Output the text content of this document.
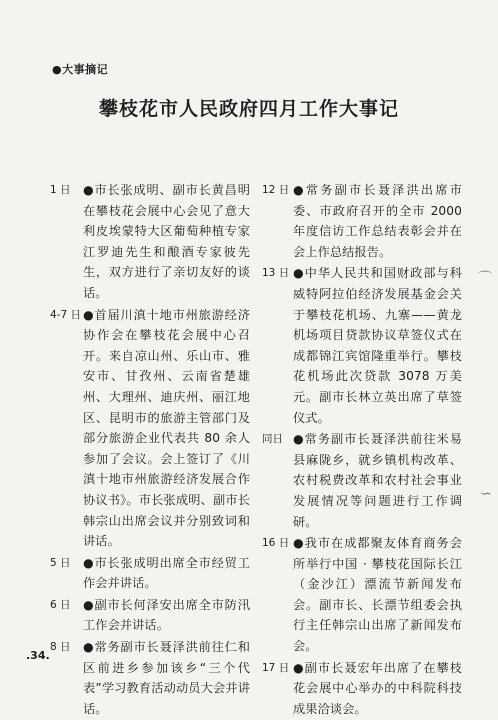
●大事摘记
攀枝花市人民政府四月工作大事记
1 日	●市长张成明、副市长黄昌明在攀枝花会展中心会见了意大利皮埃蒙特大区葡萄种植专家江罗迪先生和酿酒专家彼先生，双方进行了亲切友好的谈话。
4-7 日 ●首届川滇十地市州旅游经济协作会在攀枝花会展中心召开。来自凉山州、乐山市、雅安市、甘孜州、云南省楚雄州、大理州、迪庆州、丽江地区、昆明市的旅游主管部门及部分旅游企业代表共 80 余人参加了会议。会上签订了《川滇十地市州旅游经济发展合作协议书》。市长张成明、副市长韩宗山出席会议并分别致词和讲话。
5 日	●市长张成明出席全市经贸工作会并讲话。
6 日	●副市长何泽安出席全市防汛工作会并讲话。
8 日	●常务副市长聂泽洪前往仁和区前进乡参加该乡“三个代表”学习教育活动动员大会并讲话。
12 日 ●常务副市长聂泽洪出席市委、市政府召开的全市 2000 年度信访工作总结表彰会并在会上作总结报告。
13 日 ●中华人民共和国财政部与科威特阿拉伯经济发展基金会关于攀枝花机场、九寨——黄龙机场项目贷款协议草签仪式在成都锦江宾馆隆重举行。攀枝花机场此次贷款 3078 万美元。副市长林立英出席了草签仪式。
同日 ●常务副市长聂泽洪前往米易县麻陇乡，就乡镇机构改革、农村税费改革和农村社会事业发展情况等问题进行工作调研。
16 日 ●我市在成都聚友体育商务会所举行中国 · 攀枝花国际长江（金沙江）漂流节新闻发布会。副市长、长漂节组委会执行主任韩宗山出席了新闻发布会。
17 日 ●副市长聂宏年出席了在攀枝花会展中心举办的中科院科技成果洽谈会。
⌒
∽
.34.
